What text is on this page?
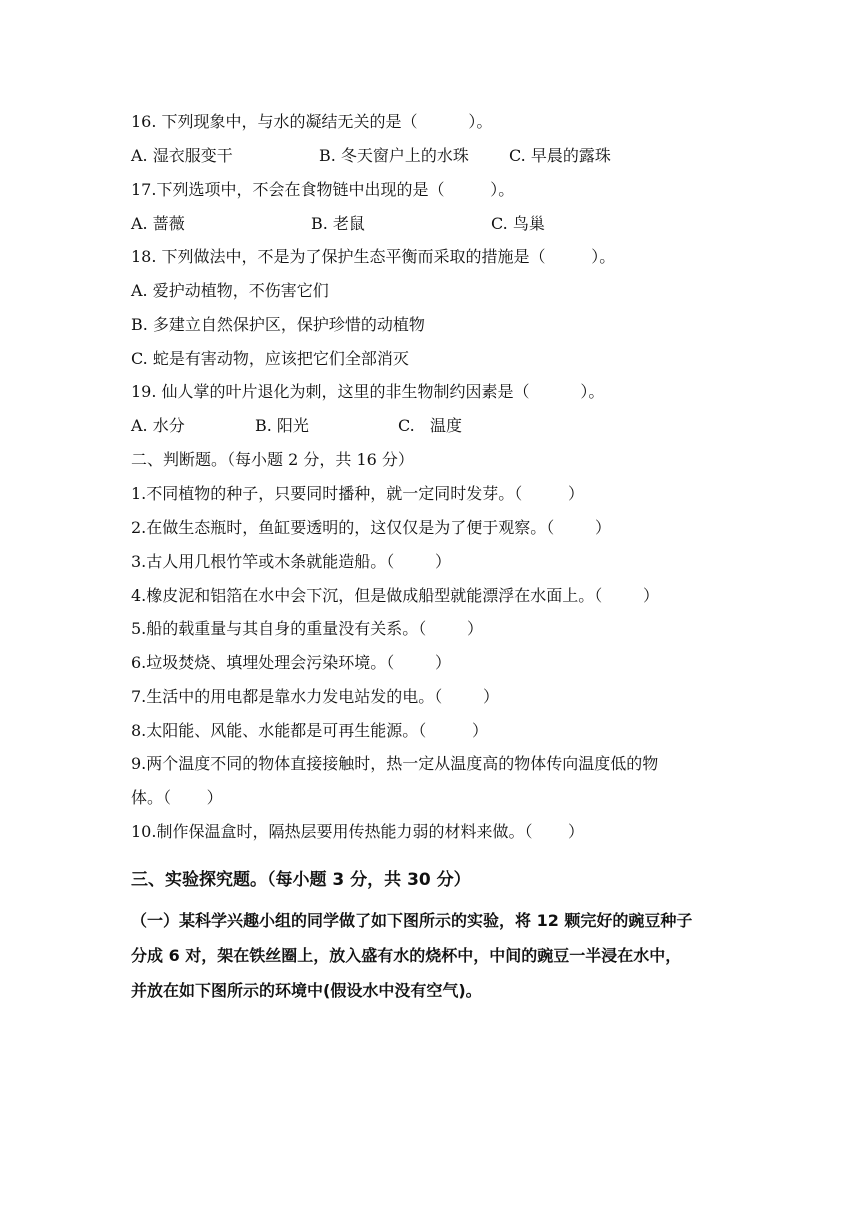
16. 下列现象中，与水的凝结无关的是（          ）。
A. 湿衣服变干	B. 冬天窗户上的水珠	C. 早晨的露珠
17.下列选项中，不会在食物链中出现的是（         ）。
A. 蔷薇	B. 老鼠	C. 鸟巢
18. 下列做法中，不是为了保护生态平衡而采取的措施是（         ）。
A. 爱护动植物，不伤害它们
B. 多建立自然保护区，保护珍惜的动植物
C. 蛇是有害动物，应该把它们全部消灭
19. 仙人掌的叶片退化为刺，这里的非生物制约因素是（          ）。
A. 水分	B. 阳光	C.   温度
二、判断题。（每小题 2 分，共 16 分）
1.不同植物的种子，只要同时播种，就一定同时发芽。（         ）
2.在做生态瓶时，鱼缸要透明的，这仅仅是为了便于观察。（        ）
3.古人用几根竹竿或木条就能造船。（        ）
4.橡皮泥和铝箔在水中会下沉，但是做成船型就能漂浮在水面上。（        ）
5.船的载重量与其自身的重量没有关系。（        ）
6.垃圾焚烧、填埋处理会污染环境。（        ）
7.生活中的用电都是靠水力发电站发的电。（        ）
8.太阳能、风能、水能都是可再生能源。（         ）
9.两个温度不同的物体直接接触时，热一定从温度高的物体传向温度低的物
体。（       ）
10.制作保温盒时，隔热层要用传热能力弱的材料来做。（       ）
三、实验探究题。（每小题 3 分，共 30 分）
（一）某科学兴趣小组的同学做了如下图所示的实验，将 12 颗完好的豌豆种子
分成 6 对，架在铁丝圈上，放入盛有水的烧杯中，中间的豌豆一半浸在水中，
并放在如下图所示的环境中(假设水中没有空气)。
